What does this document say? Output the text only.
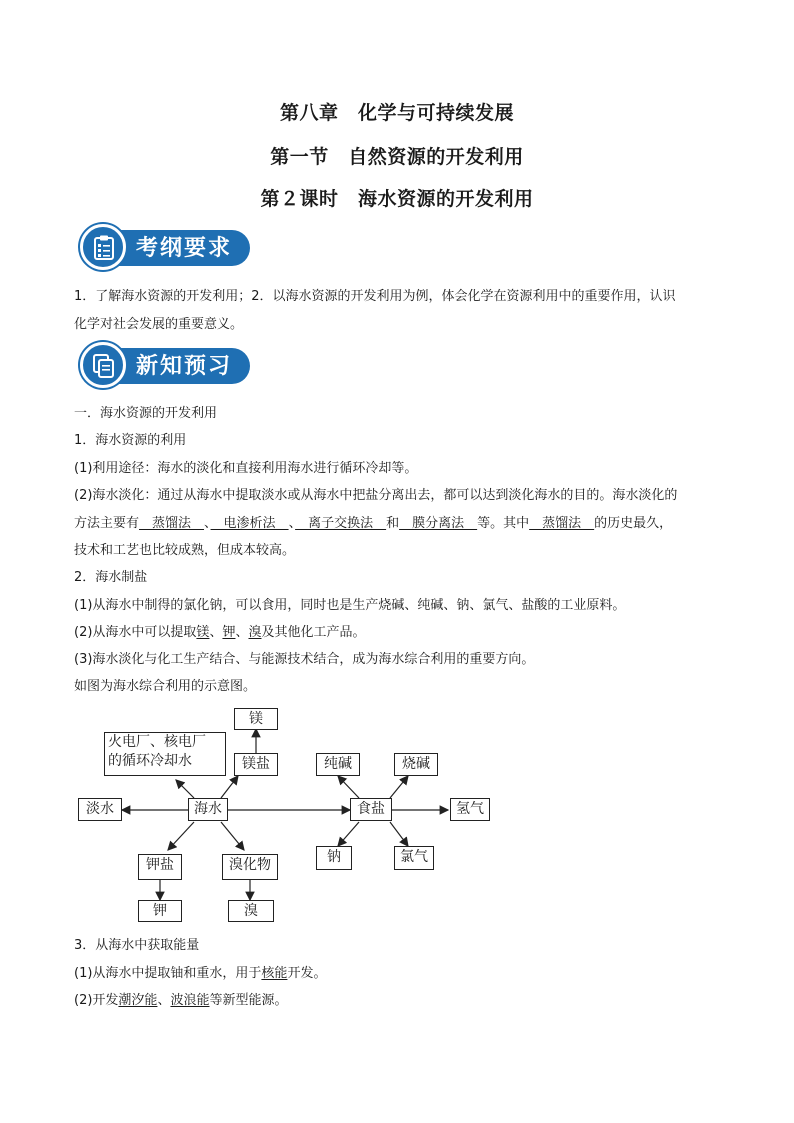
第八章　化学与可持续发展
第一节　自然资源的开发利用
第２课时　海水资源的开发利用
考纲要求
1．了解海水资源的开发利用；2．以海水资源的开发利用为例，体会化学在资源利用中的重要作用，认识
化学对社会发展的重要意义。
新知预习
一．海水资源的开发利用
1．海水资源的利用
(1)利用途径：海水的淡化和直接利用海水进行循环冷却等。
(2)海水淡化：通过从海水中提取淡水或从海水中把盐分离出去，都可以达到淡化海水的目的。海水淡化的
方法主要有　蒸馏法　、　电渗析法　、　离子交换法　和　膜分离法　等。其中　蒸馏法　的历史最久，
技术和工艺也比较成熟，但成本较高。
2．海水制盐
(1)从海水中制得的氯化钠，可以食用，同时也是生产烧碱、纯碱、钠、氯气、盐酸的工业原料。
(2)从海水中可以提取镁、钾、溴及其他化工产品。
(3)海水淡化与化工生产结合、与能源技术结合，成为海水综合利用的重要方向。
如图为海水综合利用的示意图。
镁
火电厂、核电厂
的循环冷却水	镁盐	纯碱	烧碱
淡水	海水	食盐	氢气
钾盐	溴化物	钠	氯气
钾	溴
3．从海水中获取能量
(1)从海水中提取铀和重水，用于核能开发。
(2)开发潮汐能、波浪能等新型能源。
